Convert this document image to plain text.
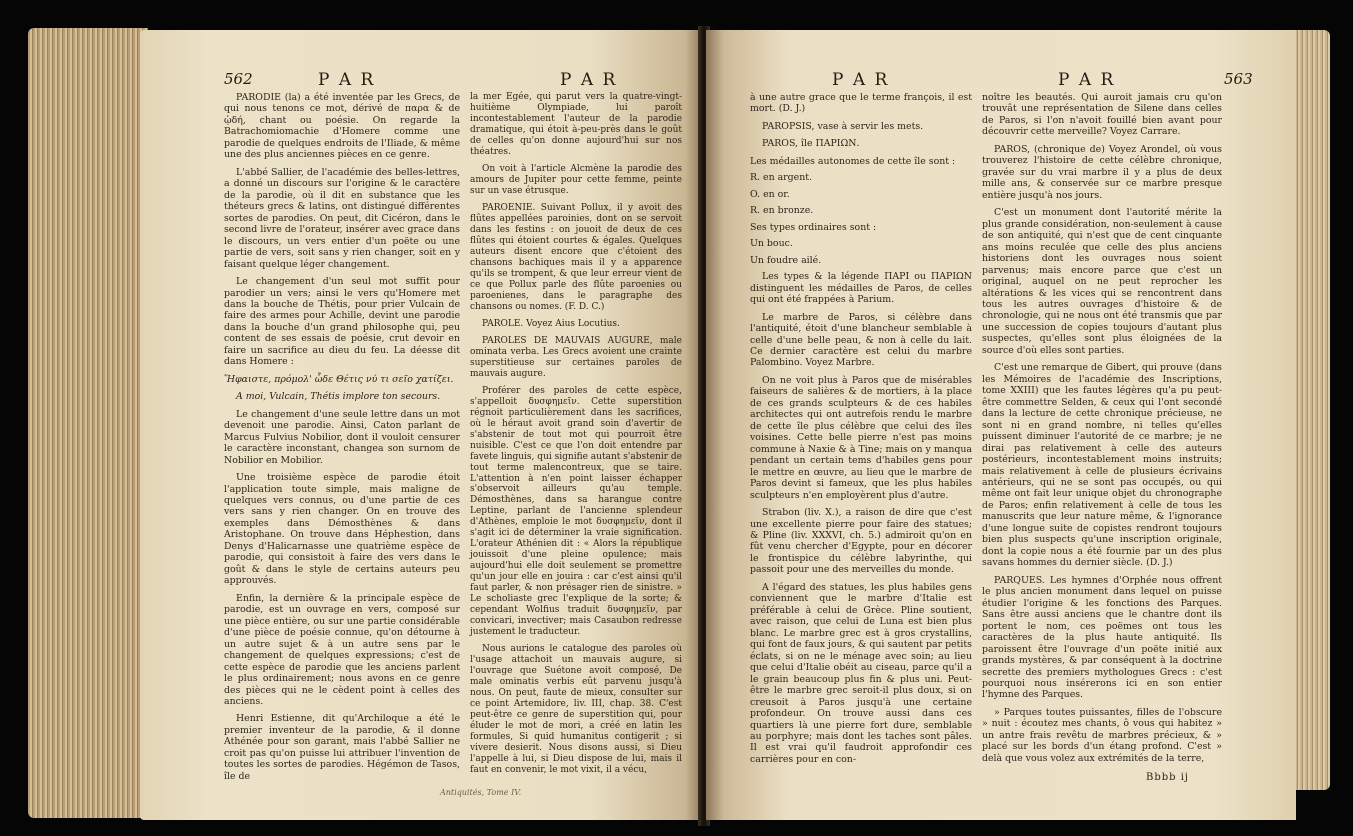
562	P A R	P A R

PARODIE (la) a été inventée par les Grecs, de qui nous tenons ce mot, dérivé de παρα & de ᾠδή, chant ou poésie. On regarde la Batrachomiomachie d'Homere comme une parodie de quelques endroits de l'Iliade, & même une des plus anciennes pièces en ce genre.

L'abbé Sallier, de l'académie des belles-lettres, a donné un discours sur l'origine & le caractère de la parodie, où il dit en substance que les théteurs grecs & latins, ont distingué différentes sortes de parodies. On peut, dit Cicéron, dans le second livre de l'orateur, insérer avec grace dans le discours, un vers entier d'un poëte ou une partie de vers, soit sans y rien changer, soit en y faisant quelque léger changement.

Le changement d'un seul mot suffit pour parodier un vers; ainsi le vers qu'Homere met dans la bouche de Thétis, pour prier Vulcain de faire des armes pour Achille, devint une parodie dans la bouche d'un grand philosophe qui, peu content de ses essais de poésie, crut devoir en faire un sacrifice au dieu du feu. La déesse dit dans Homere :

Ἥφαιστε, πρόμολ' ὧδε Θέτις νύ τι σεῖο χατίζει.

A moi, Vulcain, Thétis implore ton secours.

Le changement d'une seule lettre dans un mot devenoit une parodie. Ainsi, Caton parlant de Marcus Fulvius Nobilior, dont il vouloit censurer le caractère inconstant, changea son surnom de Nobilior en Mobilior.

Une troisième espèce de parodie étoit l'application toute simple, mais maligne de quelques vers connus, ou d'une partie de ces vers sans y rien changer. On en trouve des exemples dans Démosthènes & dans Aristophane. On trouve dans Héphestion, dans Denys d'Halicarnasse une quatrième espèce de parodie, qui consistoit à faire des vers dans le goût & dans le style de certains auteurs peu approuvés.

Enfin, la dernière & la principale espèce de parodie, est un ouvrage en vers, composé sur une pièce entière, ou sur une partie considérable d'une pièce de poésie connue, qu'on détourne à un autre sujet & à un autre sens par le changement de quelques expressions; c'est de cette espèce de parodie que les anciens parlent le plus ordinairement; nous avons en ce genre des pièces qui ne le cèdent point à celles des anciens.

Henri Estienne, dit qu'Archiloque a été le premier inventeur de la parodie, & il donne Athénée pour son garant, mais l'abbé Sallier ne croit pas qu'on puisse lui attribuer l'invention de toutes les sortes de parodies. Hégémon de Tasos, île de

la mer Egée, qui parut vers la quatre-vingt-huitième Olympiade, lui paroît incontestablement l'auteur de la parodie dramatique, qui étoit à-peu-près dans le goût de celles qu'on donne aujourd'hui sur nos théatres.

On voit à l'article Alcmène la parodie des amours de Jupiter pour cette femme, peinte sur un vase étrusque.

PAROENIE. Suivant Pollux, il y avoit des flûtes appellées paroinies, dont on se servoit dans les festins : on jouoit de deux de ces flûtes qui étoient courtes & égales. Quelques auteurs disent encore que c'étoient des chansons bachiques mais il y a apparence qu'ils se trompent, & que leur erreur vient de ce que Pollux parle des flûte paroenies ou paroenienes, dans le paragraphe des chansons ou nomes. (F. D. C.)

PAROLE. Voyez Aius Locutius.

PAROLES DE MAUVAIS AUGURE, male ominata verba. Les Grecs avoient une crainte superstitieuse sur certaines paroles de mauvais augure.

Proférer des paroles de cette espèce, s'appelloit δυσφημεῖν. Cette superstition régnoit particulièrement dans les sacrifices, où le héraut avoit grand soin d'avertir de s'abstenir de tout mot qui pourroit être nuisible. C'est ce que l'on doit entendre par favete linguis, qui signifie autant s'abstenir de tout terme malencontreux, que se taire. L'attention à n'en point laisser échapper s'observoit ailleurs qu'au temple. Démosthènes, dans sa harangue contre Leptine, parlant de l'ancienne splendeur d'Athènes, emploie le mot δυσφημεῖν, dont il s'agit ici de déterminer la vraie signification. L'orateur Athénien dit : « Alors la république jouissoit d'une pleine opulence; mais aujourd'hui elle doit seulement se promettre qu'un jour elle en jouira : car c'est ainsi qu'il faut parler, & non présager rien de sinistre. » Le scholiaste grec l'explique de la sorte; & cependant Wolfius traduit δυσφημεῖν, par convicari, invectiver; mais Casaubon redresse justement le traducteur.

Nous aurions le catalogue des paroles où l'usage attachoit un mauvais augure, si l'ouvrage que Suétone avoit composé, De male ominatis verbis eût parvenu jusqu'à nous. On peut, faute de mieux, consulter sur ce point Artemidore, liv. III, chap. 38. C'est peut-être ce genre de superstition qui, pour éluder le mot de mori, a créé en latin les formules, Si quid humanitus contigerit ; si vivere desierit. Nous disons aussi, si Dieu l'appelle à lui, si Dieu dispose de lui, mais il faut en convenir, le mot vixit, il a vécu,

Antiquités, Tome IV.
P A R	P A R	563

à une autre grace que le terme françois, il est mort. (D. J.)

PAROPSIS, vase à servir les mets.

PAROS, île ΠΑΡΙΩΝ.

Les médailles autonomes de cette île sont :

R. en argent.

O. en or.

R. en bronze.

Ses types ordinaires sont :

Un bouc.

Un foudre ailé.

Les types & la légende ΠΑΡΙ ou ΠΑΡΙΩΝ distinguent les médailles de Paros, de celles qui ont été frappées à Parium.

Le marbre de Paros, si célèbre dans l'antiquité, étoit d'une blancheur semblable à celle d'une belle peau, & non à celle du lait. Ce dernier caractère est celui du marbre Palombino. Voyez Marbre.

On ne voit plus à Paros que de misérables faiseurs de salières & de mortiers, à la place de ces grands sculpteurs & de ces habiles architectes qui ont autrefois rendu le marbre de cette île plus célèbre que celui des îles voisines. Cette belle pierre n'est pas moins commune à Naxie & à Tine; mais on y manqua pendant un certain tems d'habiles gens pour le mettre en œuvre, au lieu que le marbre de Paros devint si fameux, que les plus habiles sculpteurs n'en employèrent plus d'autre.

Strabon (liv. X.), a raison de dire que c'est une excellente pierre pour faire des statues; & Pline (liv. XXXVI, ch. 5.) admiroit qu'on en fût venu chercher d'Egypte, pour en décorer le frontispice du célèbre labyrinthe, qui passoit pour une des merveilles du monde.

A l'égard des statues, les plus habiles gens conviennent que le marbre d'Italie est préférable à celui de Grèce. Pline soutient, avec raison, que celui de Luna est bien plus blanc. Le marbre grec est à gros crystallins, qui font de faux jours, & qui sautent par petits éclats, si on ne le ménage avec soin; au lieu que celui d'Italie obéit au ciseau, parce qu'il a le grain beaucoup plus fin & plus uni. Peut-être le marbre grec seroit-il plus doux, si on creusoit à Paros jusqu'à une certaine profondeur. On trouve aussi dans ces quartiers là une pierre fort dure, semblable au porphyre; mais dont les taches sont pâles. Il est vrai qu'il faudroit approfondir ces carrières pour en con-

noître les beautés. Qui auroit jamais cru qu'on trouvât une représentation de Silene dans celles de Paros, si l'on n'avoit fouillé bien avant pour découvrir cette merveille? Voyez Carrare.

PAROS, (chronique de) Voyez Arondel, où vous trouverez l'histoire de cette célèbre chronique, gravée sur du vrai marbre il y a plus de deux mille ans, & conservée sur ce marbre presque entière jusqu'à nos jours.

C'est un monument dont l'autorité mérite la plus grande considération, non-seulement à cause de son antiquité, qui n'est que de cent cinquante ans moins reculée que celle des plus anciens historiens dont les ouvrages nous soient parvenus; mais encore parce que c'est un original, auquel on ne peut reprocher les altérations & les vices qui se rencontrent dans tous les autres ouvrages d'histoire & de chronologie, qui ne nous ont été transmis que par une succession de copies toujours d'autant plus suspectes, qu'elles sont plus éloignées de la source d'où elles sont parties.

C'est une remarque de Gibert, qui prouve (dans les Mémoires de l'académie des Inscriptions, tome XXIII) que les fautes légères qu'a pu peut-être commettre Selden, & ceux qui l'ont secondé dans la lecture de cette chronique précieuse, ne sont ni en grand nombre, ni telles qu'elles puissent diminuer l'autorité de ce marbre; je ne dirai pas relativement à celle des auteurs postérieurs, incontestablement moins instruits; mais relativement à celle de plusieurs écrivains antérieurs, qui ne se sont pas occupés, ou qui même ont fait leur unique objet du chronographe de Paros; enfin relativement à celle de tous les manuscrits que leur nature même, & l'ignorance d'une longue suite de copistes rendront toujours bien plus suspects qu'une inscription originale, dont la copie nous a été fournie par un des plus savans hommes du dernier siècle. (D. J.)

PARQUES. Les hymnes d'Orphée nous offrent le plus ancien monument dans lequel on puisse étudier l'origine & les fonctions des Parques. Sans être aussi anciens que le chantre dont ils portent le nom, ces poëmes ont tous les caractères de la plus haute antiquité. Ils paroissent être l'ouvrage d'un poëte initié aux grands mystères, & par conséquent à la doctrine secrette des premiers mythologues Grecs : c'est pourquoi nous insérerons ici en son entier l'hymne des Parques.

» Parques toutes puissantes, filles de l'obscure » nuit : écoutez mes chants, ô vous qui habitez » un antre frais revêtu de marbres précieux, & » placé sur les bords d'un étang profond. C'est » delà que vous volez aux extrémités de la terre,

Bbbb ij
